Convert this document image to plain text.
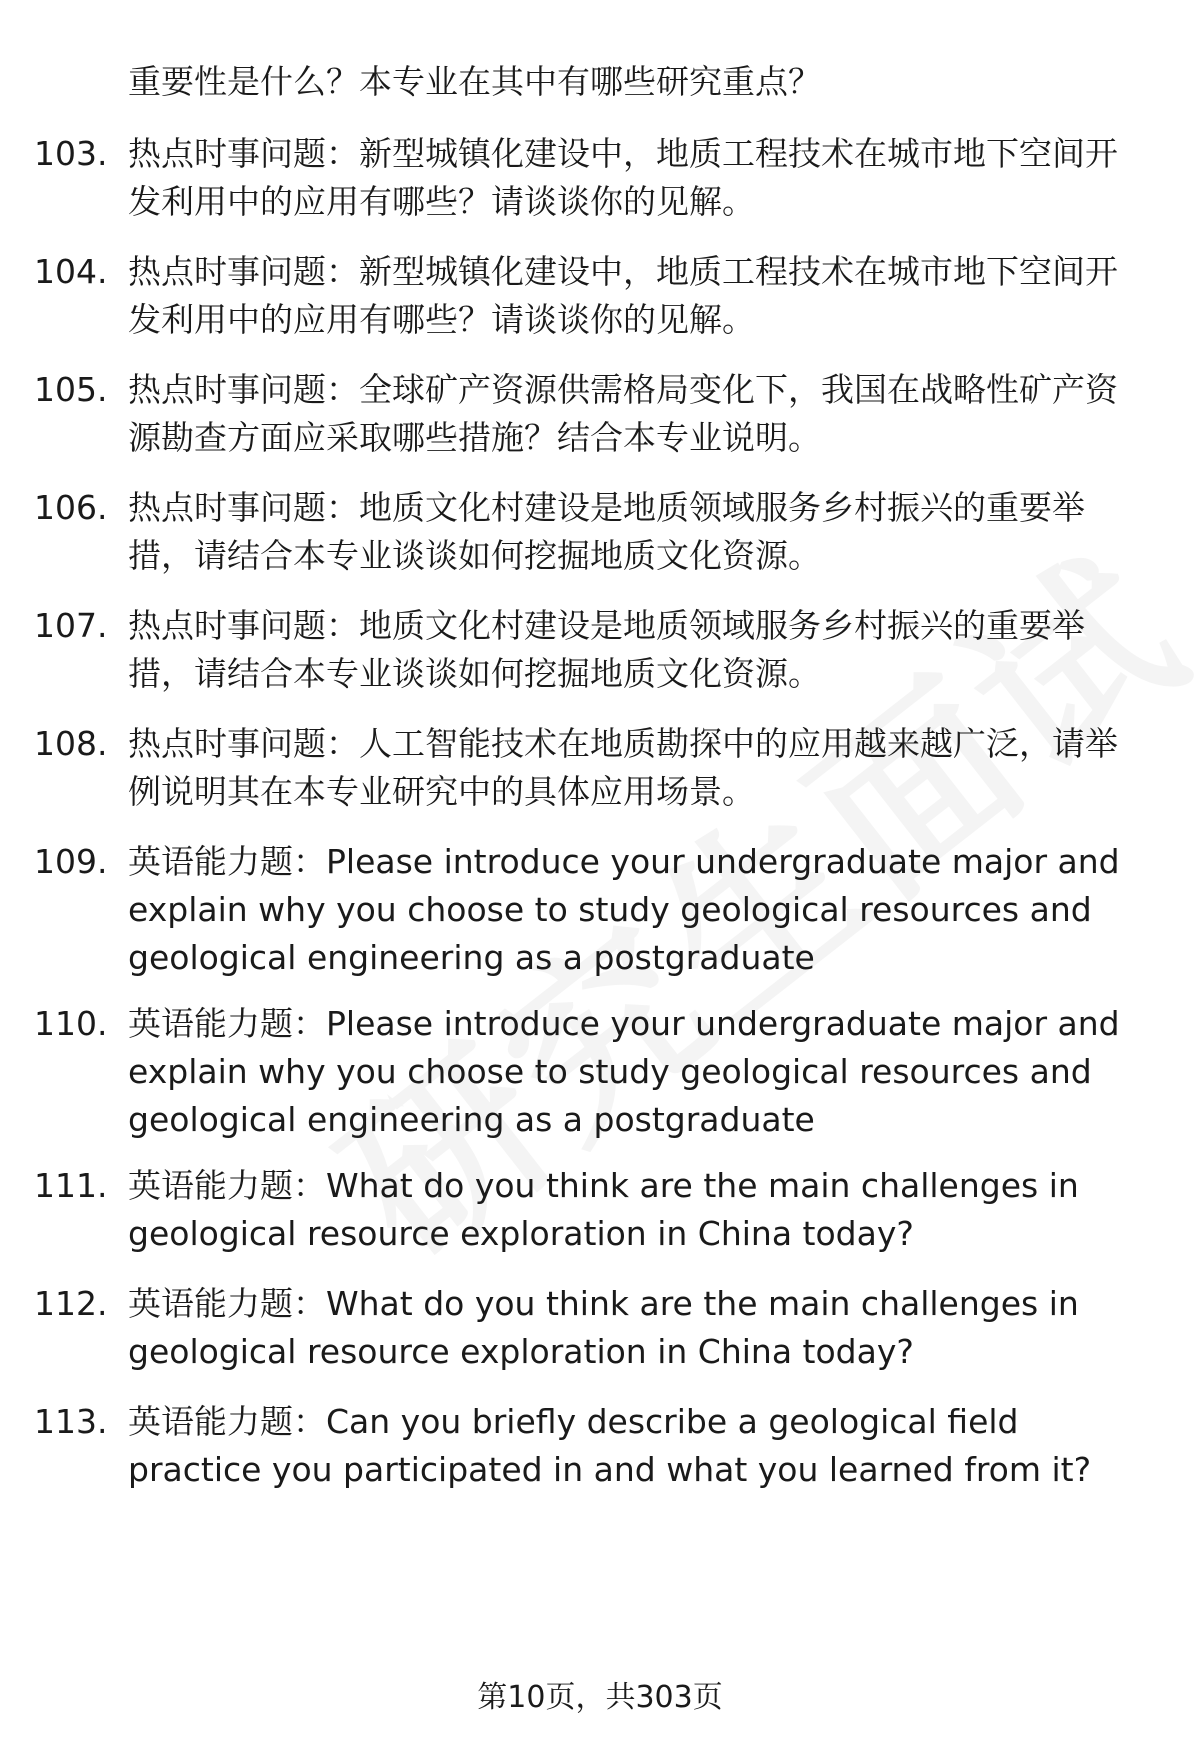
重要性是什么？本专业在其中有哪些研究重点？
103. 热点时事问题：新型城镇化建设中，地质工程技术在城市地下空间开发利用中的应用有哪些？请谈谈你的见解。
104. 热点时事问题：新型城镇化建设中，地质工程技术在城市地下空间开发利用中的应用有哪些？请谈谈你的见解。
105. 热点时事问题：全球矿产资源供需格局变化下，我国在战略性矿产资源勘查方面应采取哪些措施？结合本专业说明。
106. 热点时事问题：地质文化村建设是地质领域服务乡村振兴的重要举措，请结合本专业谈谈如何挖掘地质文化资源。
107. 热点时事问题：地质文化村建设是地质领域服务乡村振兴的重要举措，请结合本专业谈谈如何挖掘地质文化资源。
108. 热点时事问题：人工智能技术在地质勘探中的应用越来越广泛，请举例说明其在本专业研究中的具体应用场景。
109. 英语能力题：Please introduce your undergraduate major and explain why you choose to study geological resources and geological engineering as a postgraduate
110. 英语能力题：Please introduce your undergraduate major and explain why you choose to study geological resources and geological engineering as a postgraduate
111. 英语能力题：What do you think are the main challenges in geological resource exploration in China today?
112. 英语能力题：What do you think are the main challenges in geological resource exploration in China today?
113. 英语能力题：Can you briefly describe a geological field practice you participated in and what you learned from it?
第10页，共303页
